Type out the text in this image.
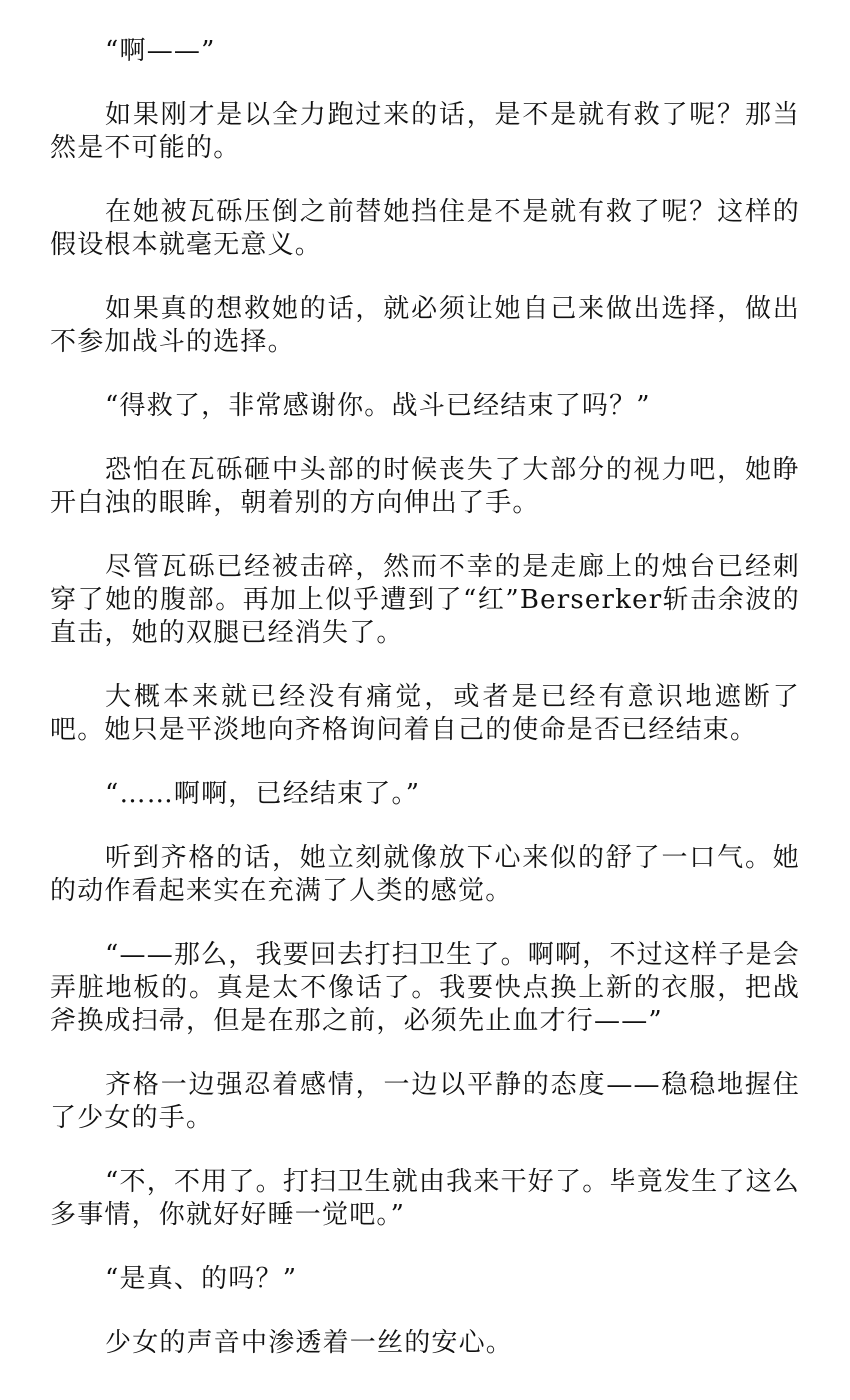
“啊——”

如果刚才是以全力跑过来的话，是不是就有救了呢？那当然是不可能的。

在她被瓦砾压倒之前替她挡住是不是就有救了呢？这样的假设根本就毫无意义。

如果真的想救她的话，就必须让她自己来做出选择，做出不参加战斗的选择。

“得救了，非常感谢你。战斗已经结束了吗？”

恐怕在瓦砾砸中头部的时候丧失了大部分的视力吧，她睁开白浊的眼眸，朝着别的方向伸出了手。

尽管瓦砾已经被击碎，然而不幸的是走廊上的烛台已经刺穿了她的腹部。再加上似乎遭到了“红”Berserker斩击余波的直击，她的双腿已经消失了。

大概本来就已经没有痛觉，或者是已经有意识地遮断了吧。她只是平淡地向齐格询问着自己的使命是否已经结束。

“……啊啊，已经结束了。”

听到齐格的话，她立刻就像放下心来似的舒了一口气。她的动作看起来实在充满了人类的感觉。

“——那么，我要回去打扫卫生了。啊啊，不过这样子是会弄脏地板的。真是太不像话了。我要快点换上新的衣服，把战斧换成扫帚，但是在那之前，必须先止血才行——”

齐格一边强忍着感情，一边以平静的态度——稳稳地握住了少女的手。

“不，不用了。打扫卫生就由我来干好了。毕竟发生了这么多事情，你就好好睡一觉吧。”

“是真、的吗？”

少女的声音中渗透着一丝的安心。
